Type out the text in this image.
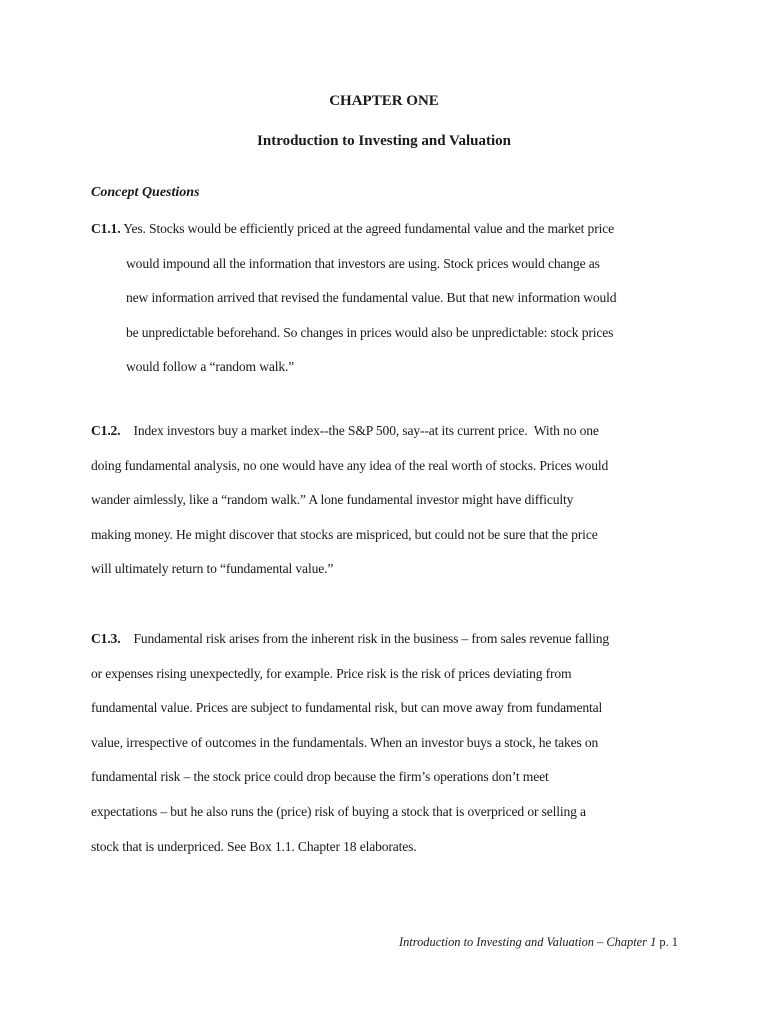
CHAPTER ONE
Introduction to Investing and Valuation
Concept Questions
C1.1. Yes. Stocks would be efficiently priced at the agreed fundamental value and the market price
would impound all the information that investors are using. Stock prices would change as
new information arrived that revised the fundamental value. But that new information would
be unpredictable beforehand. So changes in prices would also be unpredictable: stock prices
would follow a “random walk.”
C1.2.    Index investors buy a market index--the S&P 500, say--at its current price.  With no one
doing fundamental analysis, no one would have any idea of the real worth of stocks. Prices would
wander aimlessly, like a “random walk.” A lone fundamental investor might have difficulty
making money. He might discover that stocks are mispriced, but could not be sure that the price
will ultimately return to “fundamental value.”
C1.3.    Fundamental risk arises from the inherent risk in the business – from sales revenue falling
or expenses rising unexpectedly, for example. Price risk is the risk of prices deviating from
fundamental value. Prices are subject to fundamental risk, but can move away from fundamental
value, irrespective of outcomes in the fundamentals. When an investor buys a stock, he takes on
fundamental risk – the stock price could drop because the firm’s operations don’t meet
expectations – but he also runs the (price) risk of buying a stock that is overpriced or selling a
stock that is underpriced. See Box 1.1. Chapter 18 elaborates.
Introduction to Investing and Valuation – Chapter 1 p. 1
